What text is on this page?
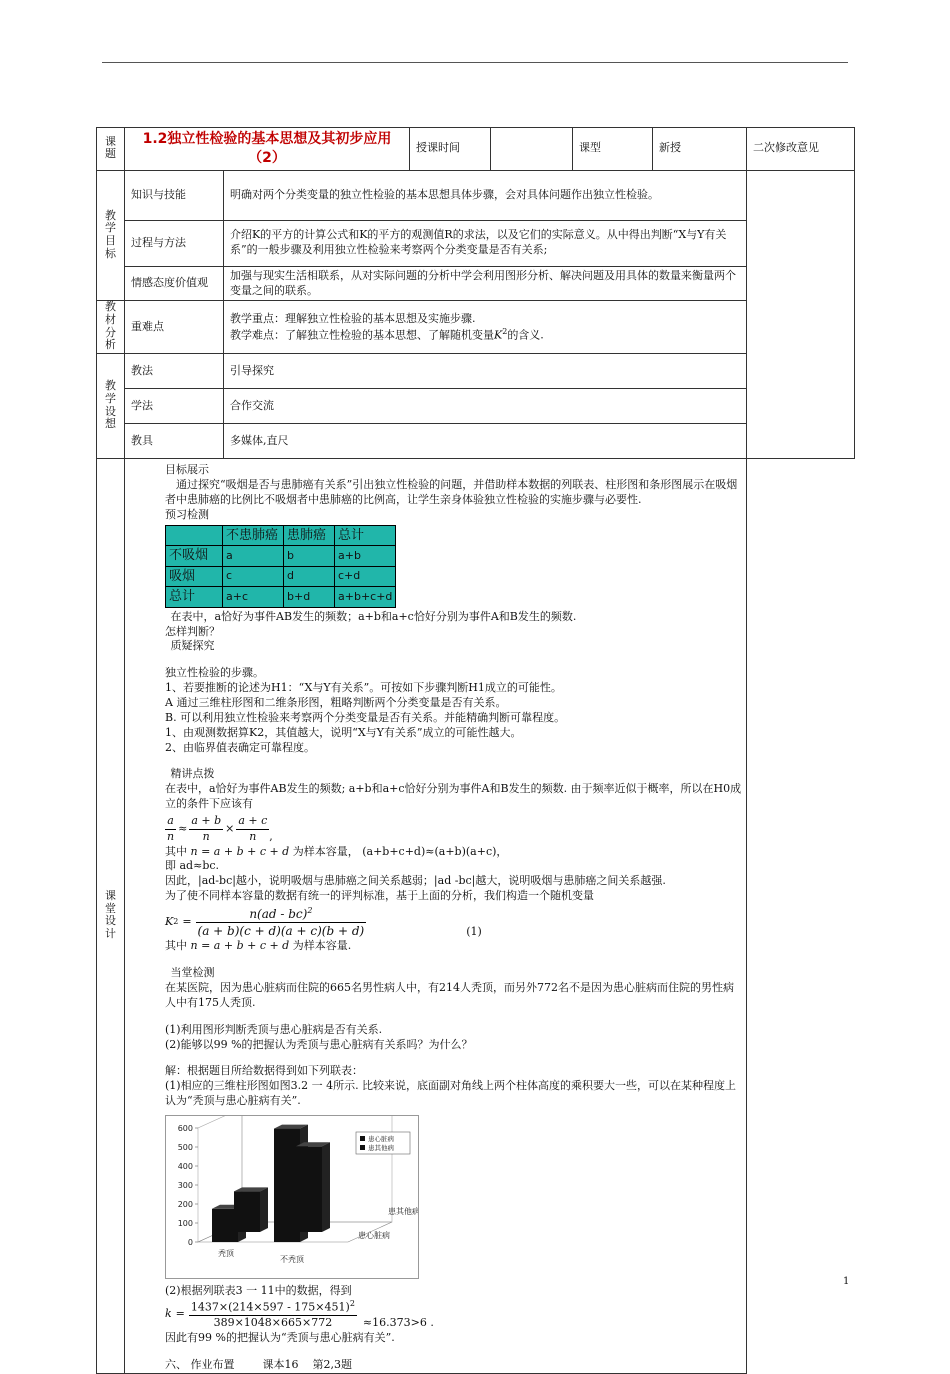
课题	1.2独立性检验的基本思想及其初步应用（2）	授课时间		课型	新授	二次修改意见
教学目标	知识与技能	明确对两个分类变量的独立性检验的基本思想具体步骤，会对具体问题作出独立性检验。	
过程与方法	介绍K的平方的计算公式和K的平方的观测值R的求法，以及它们的实际意义。从中得出判断“X与Y有关系”的一般步骤及利用独立性检验来考察两个分类变量是否有关系;
情感态度价值观	加强与现实生活相联系，从对实际问题的分析中学会利用图形分析、解决问题及用具体的数量来衡量两个变量之间的联系。
教材分析	重难点	
教学重点：理解独立性检验的基本思想及实施步骤.
教学难点：了解独立性检验的基本思想、了解随机变量$K^2$的含义.

教学设想	教法	引导探究
学法	合作交流
教具	多媒体,直尺
课堂设计	

目标展示

通过探究“吸烟是否与患肺癌有关系”引出独立性检验的问题，并借助样本数据的列联表、柱形图和条形图展示在吸烟者中患肺癌的比例比不吸烟者中患肺癌的比例高，让学生亲身体验独立性检验的实施步骤与必要性.

预习检测

	不患肺癌	患肺癌	总计
不吸烟	a	b	a+b
吸烟	c	d	c+d
总计	a+c	b+d	a+b+c+d

在表中，a恰好为事件AB发生的频数；a+b和a+c恰好分别为事件A和B发生的频数.

怎样判断？

质疑探究

独立性检验的步骤。

1、若要推断的论述为H1：“X与Y有关系”。可按如下步骤判断H1成立的可能性。

A 通过三维柱形图和二维条形图，粗略判断两个分类变量是否有关系。

B. 可以利用独立性检验来考察两个分类变量是否有关系。并能精确判断可靠程度。

1、由观测数据算K2，其值越大，说明“X与Y有关系”成立的可能性越大。

2、由临界值表确定可靠程度。

精讲点拨

在表中，a恰好为事件AB发生的频数; a+b和a+c恰好分别为事件A和B发生的频数. 由于频率近似于概率，所以在H0成立的条件下应该有

$\frac{a}{n} \approx \frac{a + b}{n} \times \frac{a + c}{n}$ ,

其中 n = a + b + c + d 为样本容量， (a+b+c+d)≈(a+b)(a+c)，

即 ad≈bc.

因此，|ad-bc|越小，说明吸烟与患肺癌之间关系越弱；|ad -bc|越大，说明吸烟与患肺癌之间关系越强.

为了使不同样本容量的数据有统一的评判标准，基于上面的分析，我们构造一个随机变量

K $2 = \frac{n(ad - bc)^2}{(a + b)(c + d)(a + c)(b + d)}$	(1)

其中 n = a + b + c + d 为样本容量.

当堂检测

在某医院，因为患心脏病而住院的665名男性病人中，有214人秃顶，而另外772名不是因为患心脏病而住院的男性病人中有175人秃顶.

(1)利用图形判断秃顶与患心脏病是否有关系.

(2)能够以99 %的把握认为秃顶与患心脏病有关系吗？为什么？

解：根据题目所给数据得到如下列联表：

(1)相应的三维柱形图如图3.2 一 4所示. 比较来说，底面副对角线上两个柱体高度的乘积要大一些，可以在某种程度上认为“秃顶与患心脏病有关”.

0
100
200
300
400
500
600
秃顶
不秃顶
患心脏病
患其他病
患心脏病
患其他病

(2)根据列联表3 一 11中的数据，得到

$k = \frac{1437\times(214\times 597 - 175\times 451)^2}{389\times 1048\times 665\times 772} \approx 16.373>6$ .

因此有99 %的把握认为“秃顶与患心脏病有关”.

六、 作业布置        课本16    第2,3题

1
